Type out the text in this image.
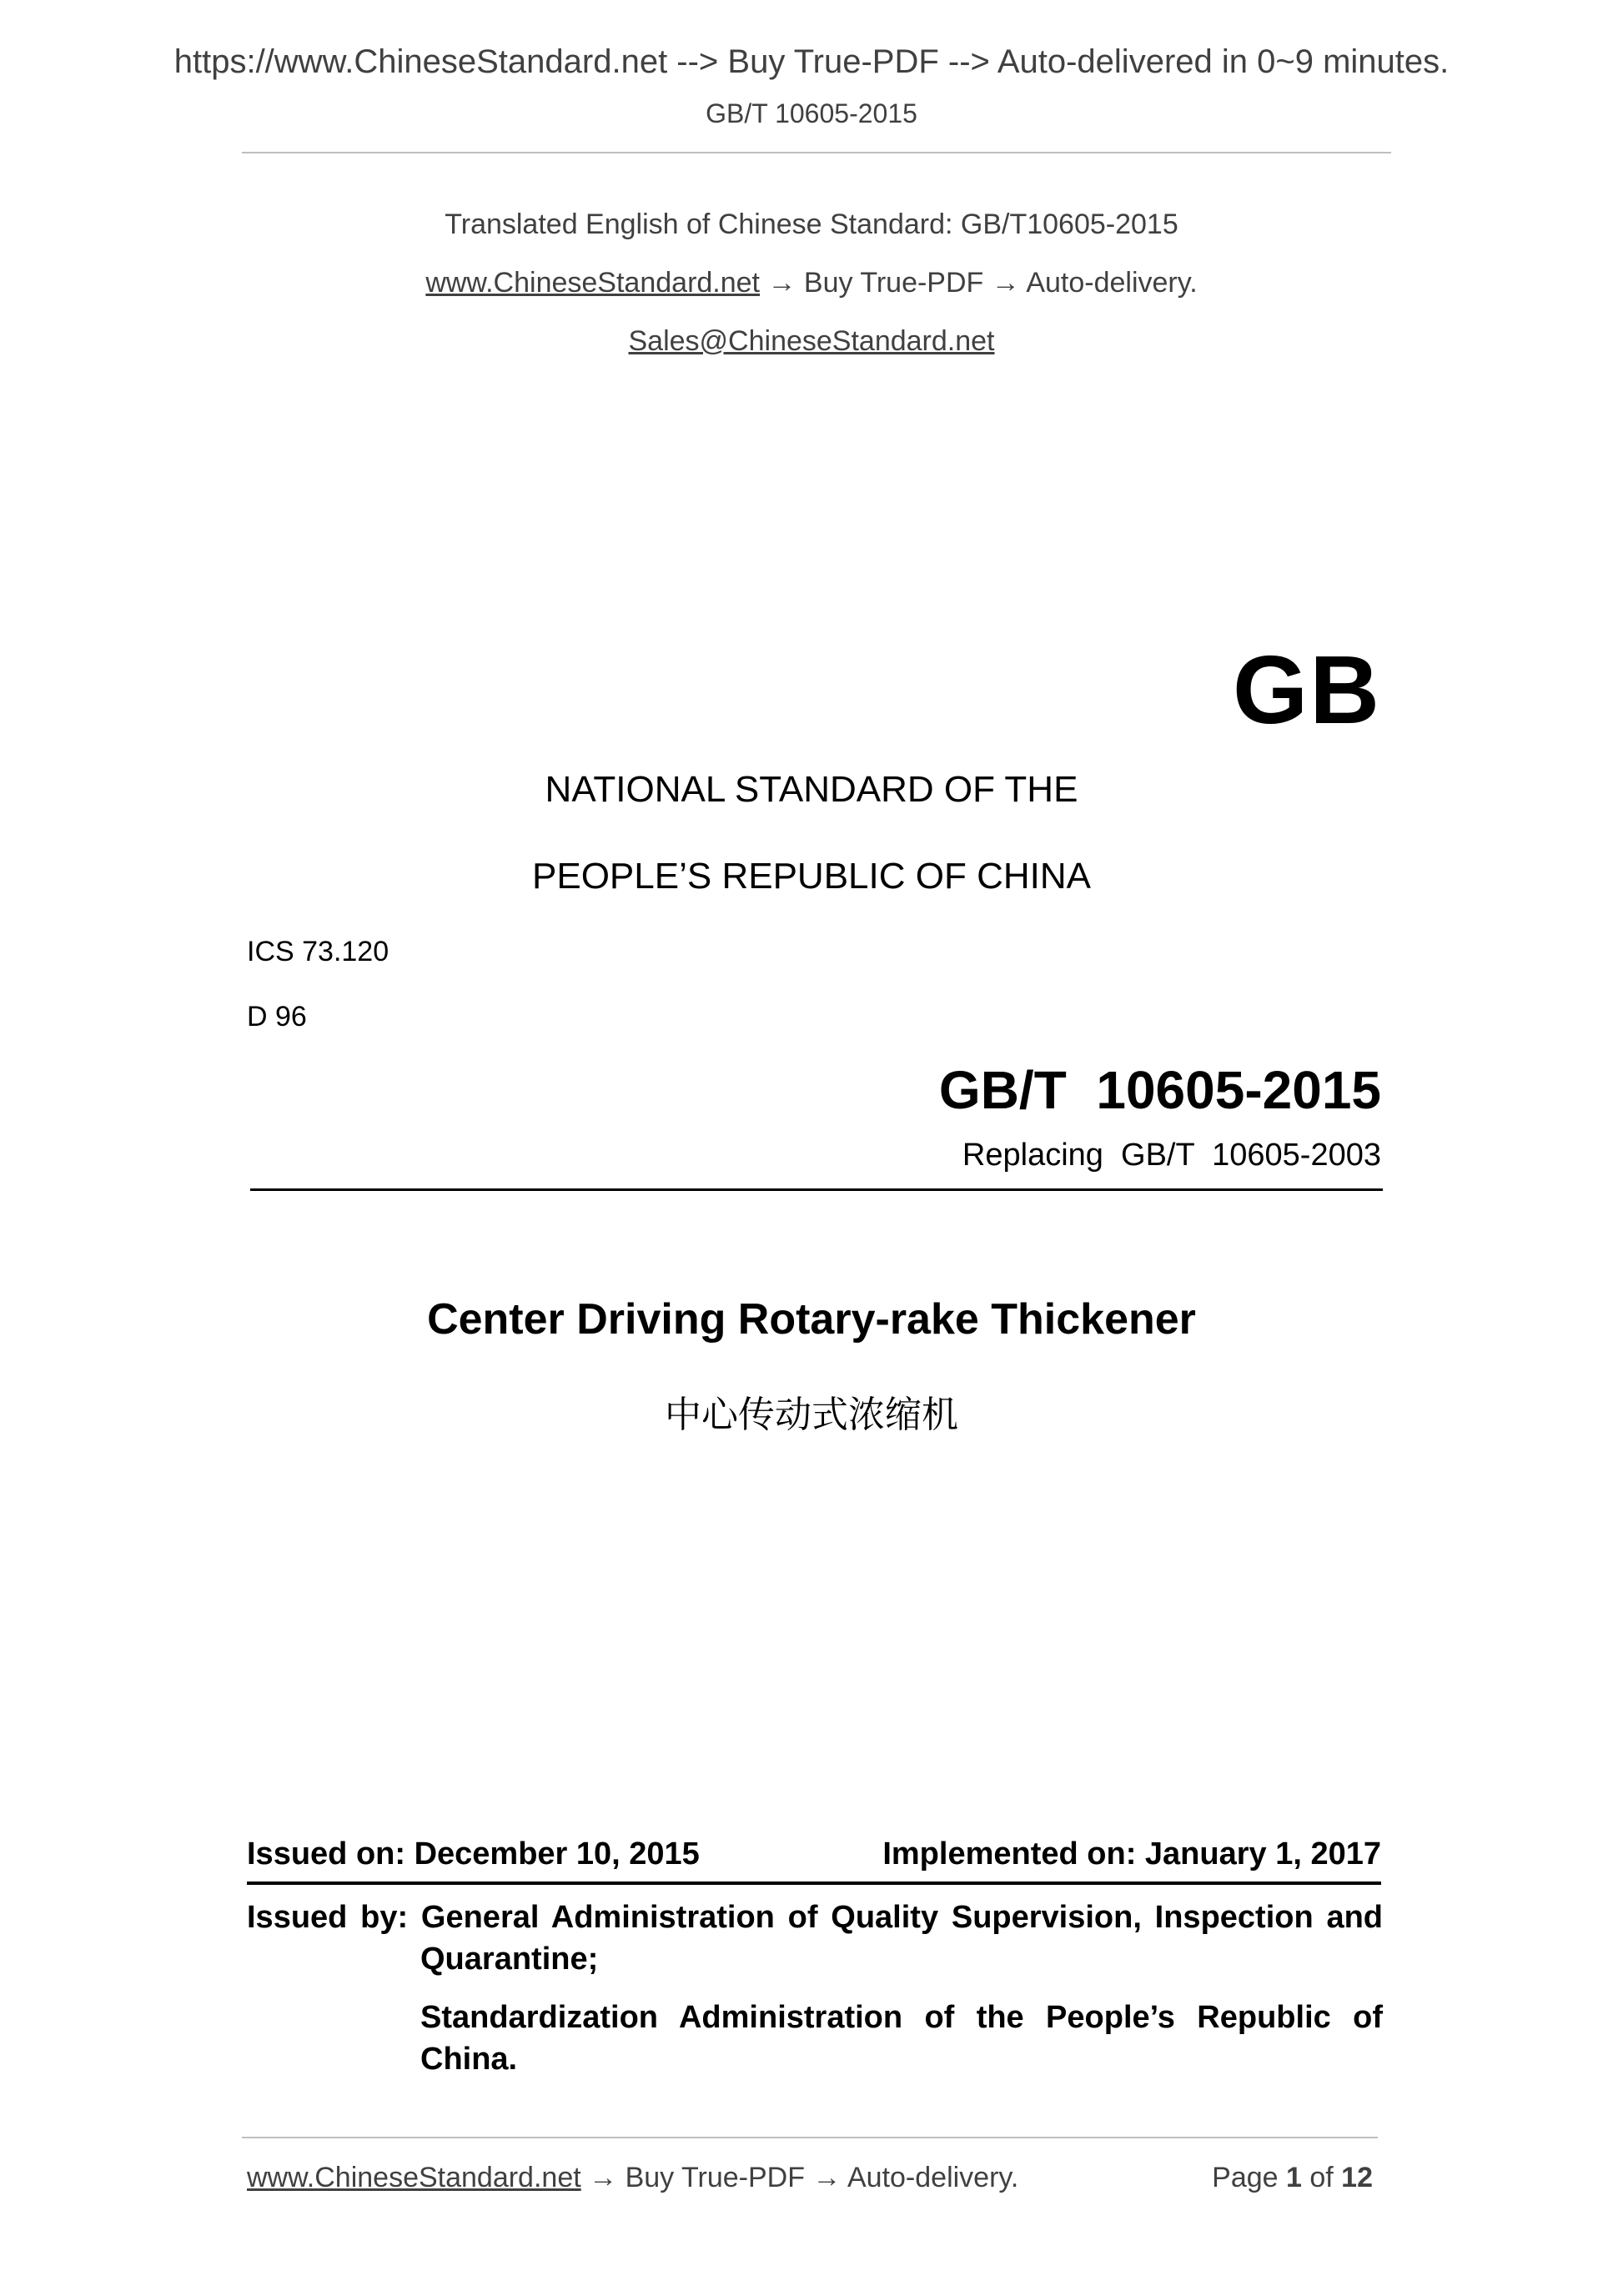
https://www.ChineseStandard.net --> Buy True-PDF --> Auto-delivered in 0~9 minutes.
GB/T 10605-2015
Translated English of Chinese Standard: GB/T10605-2015
www.ChineseStandard.net → Buy True-PDF → Auto-delivery.
Sales@ChineseStandard.net
GB
NATIONAL STANDARD OF THE
PEOPLE’S REPUBLIC OF CHINA
ICS 73.120
D 96
GB/T  10605-2015
Replacing  GB/T  10605-2003
Center Driving Rotary-rake Thickener
中心传动式浓缩机
Issued on: December 10, 2015	Implemented on: January 1, 2017

Issued by: General Administration of Quality Supervision, Inspection and Quarantine;

Standardization Administration of the People’s Republic of China.

www.ChineseStandard.net → Buy True-PDF → Auto-delivery.	Page 1 of 12
